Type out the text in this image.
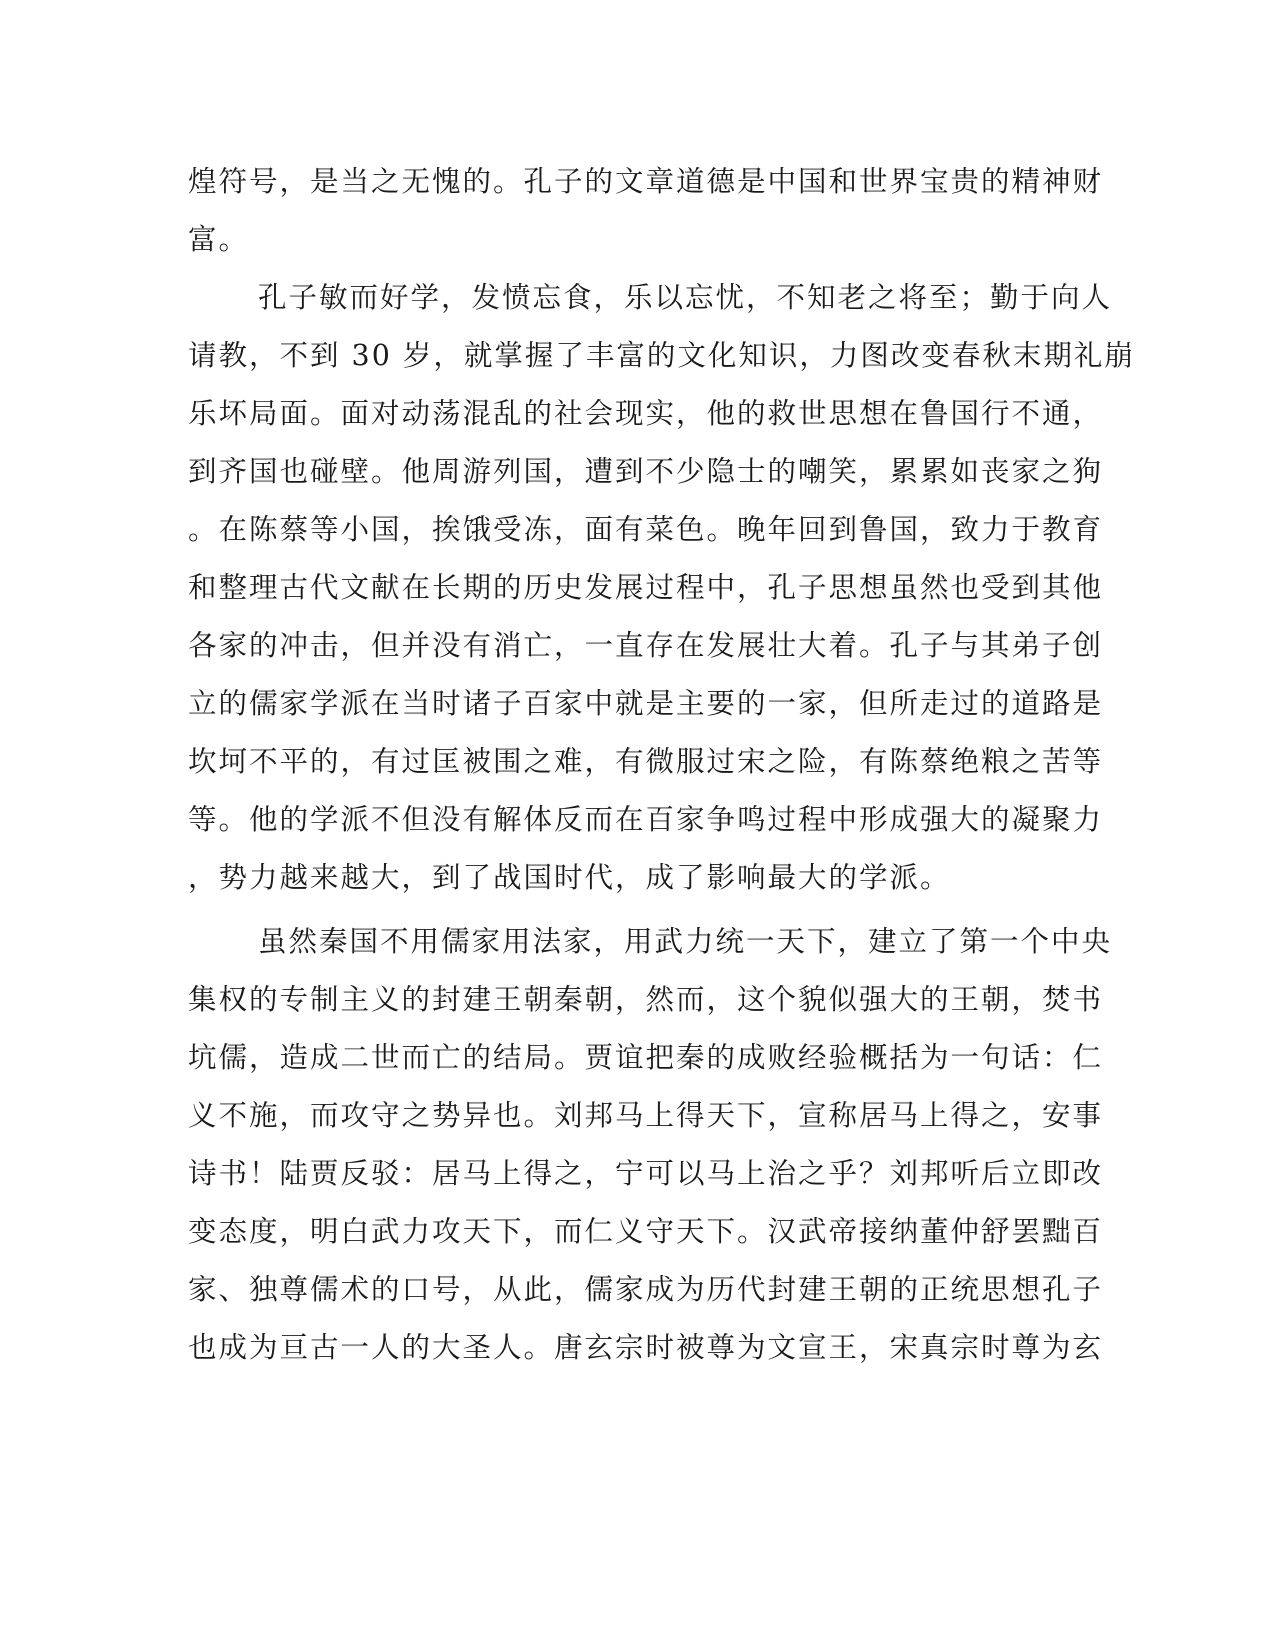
煌符号，是当之无愧的。孔子的文章道德是中国和世界宝贵的精神财
富。
孔子敏而好学，发愤忘食，乐以忘忧，不知老之将至；勤于向人
请教，不到 30 岁，就掌握了丰富的文化知识，力图改变春秋末期礼崩
乐坏局面。面对动荡混乱的社会现实，他的救世思想在鲁国行不通，
到齐国也碰壁。他周游列国，遭到不少隐士的嘲笑，累累如丧家之狗
。在陈蔡等小国，挨饿受冻，面有菜色。晚年回到鲁国，致力于教育
和整理古代文献在长期的历史发展过程中，孔子思想虽然也受到其他
各家的冲击，但并没有消亡，一直存在发展壮大着。孔子与其弟子创
立的儒家学派在当时诸子百家中就是主要的一家，但所走过的道路是
坎坷不平的，有过匡被围之难，有微服过宋之险，有陈蔡绝粮之苦等
等。他的学派不但没有解体反而在百家争鸣过程中形成强大的凝聚力
，势力越来越大，到了战国时代，成了影响最大的学派。
虽然秦国不用儒家用法家，用武力统一天下，建立了第一个中央
集权的专制主义的封建王朝秦朝，然而，这个貌似强大的王朝，焚书
坑儒，造成二世而亡的结局。贾谊把秦的成败经验概括为一句话：仁
义不施，而攻守之势异也。刘邦马上得天下，宣称居马上得之，安事
诗书！陆贾反驳：居马上得之，宁可以马上治之乎？刘邦听后立即改
变态度，明白武力攻天下，而仁义守天下。汉武帝接纳董仲舒罢黜百
家、独尊儒术的口号，从此，儒家成为历代封建王朝的正统思想孔子
也成为亘古一人的大圣人。唐玄宗时被尊为文宣王，宋真宗时尊为玄
